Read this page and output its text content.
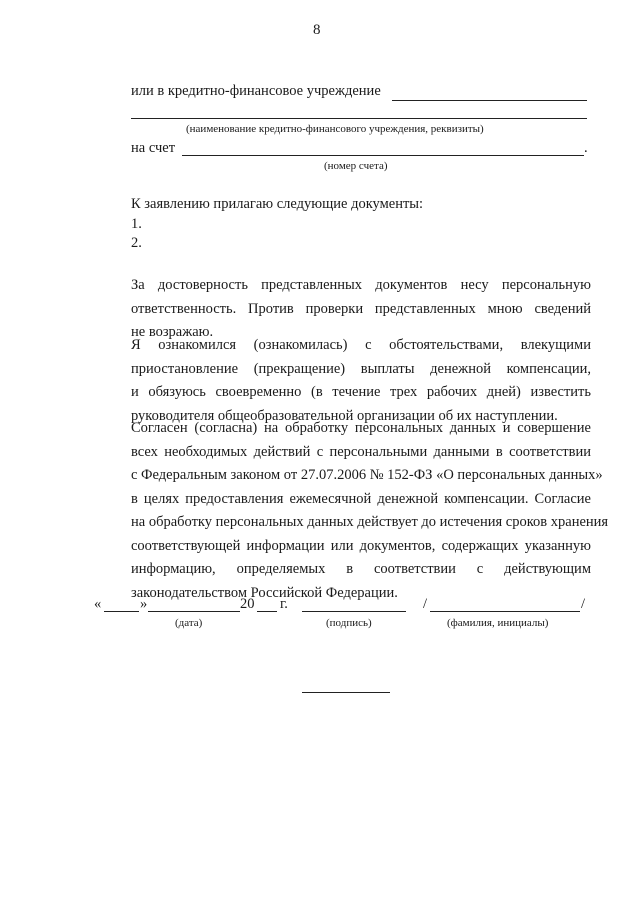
8
или в кредитно-финансовое учреждение
(наименование кредитно-финансового учреждения, реквизиты)
на счет	.
(номер счета)
К заявлению прилагаю следующие документы:
1.
2.
За достоверность представленных документов несу персональную
ответственность. Против проверки представленных мною сведений
не возражаю.
Я ознакомился (ознакомилась) с обстоятельствами, влекущими
приостановление (прекращение) выплаты денежной компенсации,
и обязуюсь своевременно (в течение трех рабочих дней) известить
руководителя общеобразовательной организации об их наступлении.
Согласен (согласна) на обработку персональных данных и совершение
всех необходимых действий с персональными данными в соответствии
с Федеральным законом от 27.07.2006 № 152-ФЗ «О персональных данных»
в целях предоставления ежемесячной денежной компенсации. Согласие
на обработку персональных данных действует до истечения сроков хранения
соответствующей информации или документов, содержащих указанную
информацию, определяемых в соответствии с действующим
законодательством Российской Федерации.
«	»	20 г.	/	/
(дата)	(подпись)	(фамилия, инициалы)
